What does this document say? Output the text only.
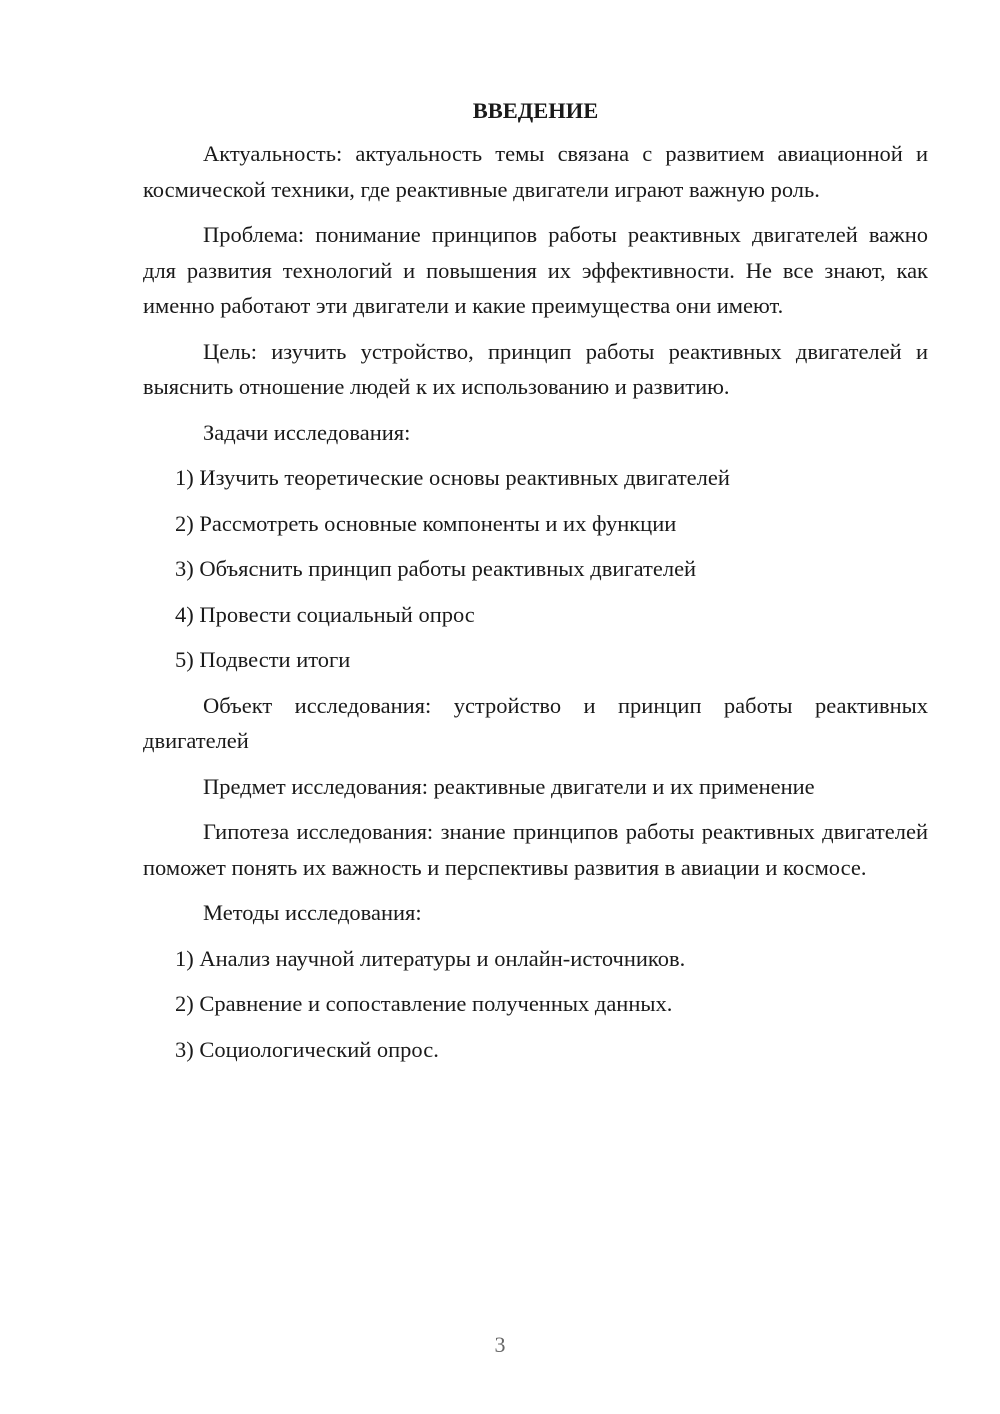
ВВЕДЕНИЕ

Актуальность: актуальность темы связана с развитием авиационной и космической техники, где реактивные двигатели играют важную роль.

Проблема: понимание принципов работы реактивных двигателей важно для развития технологий и повышения их эффективности. Не все знают, как именно работают эти двигатели и какие преимущества они имеют.

Цель: изучить устройство, принцип работы реактивных двигателей и выяснить отношение людей к их использованию и развитию.

Задачи исследования:

1) Изучить теоретические основы реактивных двигателей
2) Рассмотреть основные компоненты и их функции
3) Объяснить принцип работы реактивных двигателей
4) Провести социальный опрос
5) Подвести итоги

Объект исследования: устройство и принцип работы реактивных двигателей

Предмет исследования: реактивные двигатели и их применение

Гипотеза исследования: знание принципов работы реактивных двигателей поможет понять их важность и перспективы развития в авиации и космосе.

Методы исследования:

1) Анализ научной литературы и онлайн-источников.
2) Сравнение и сопоставление полученных данных.
3) Социологический опрос.
3
